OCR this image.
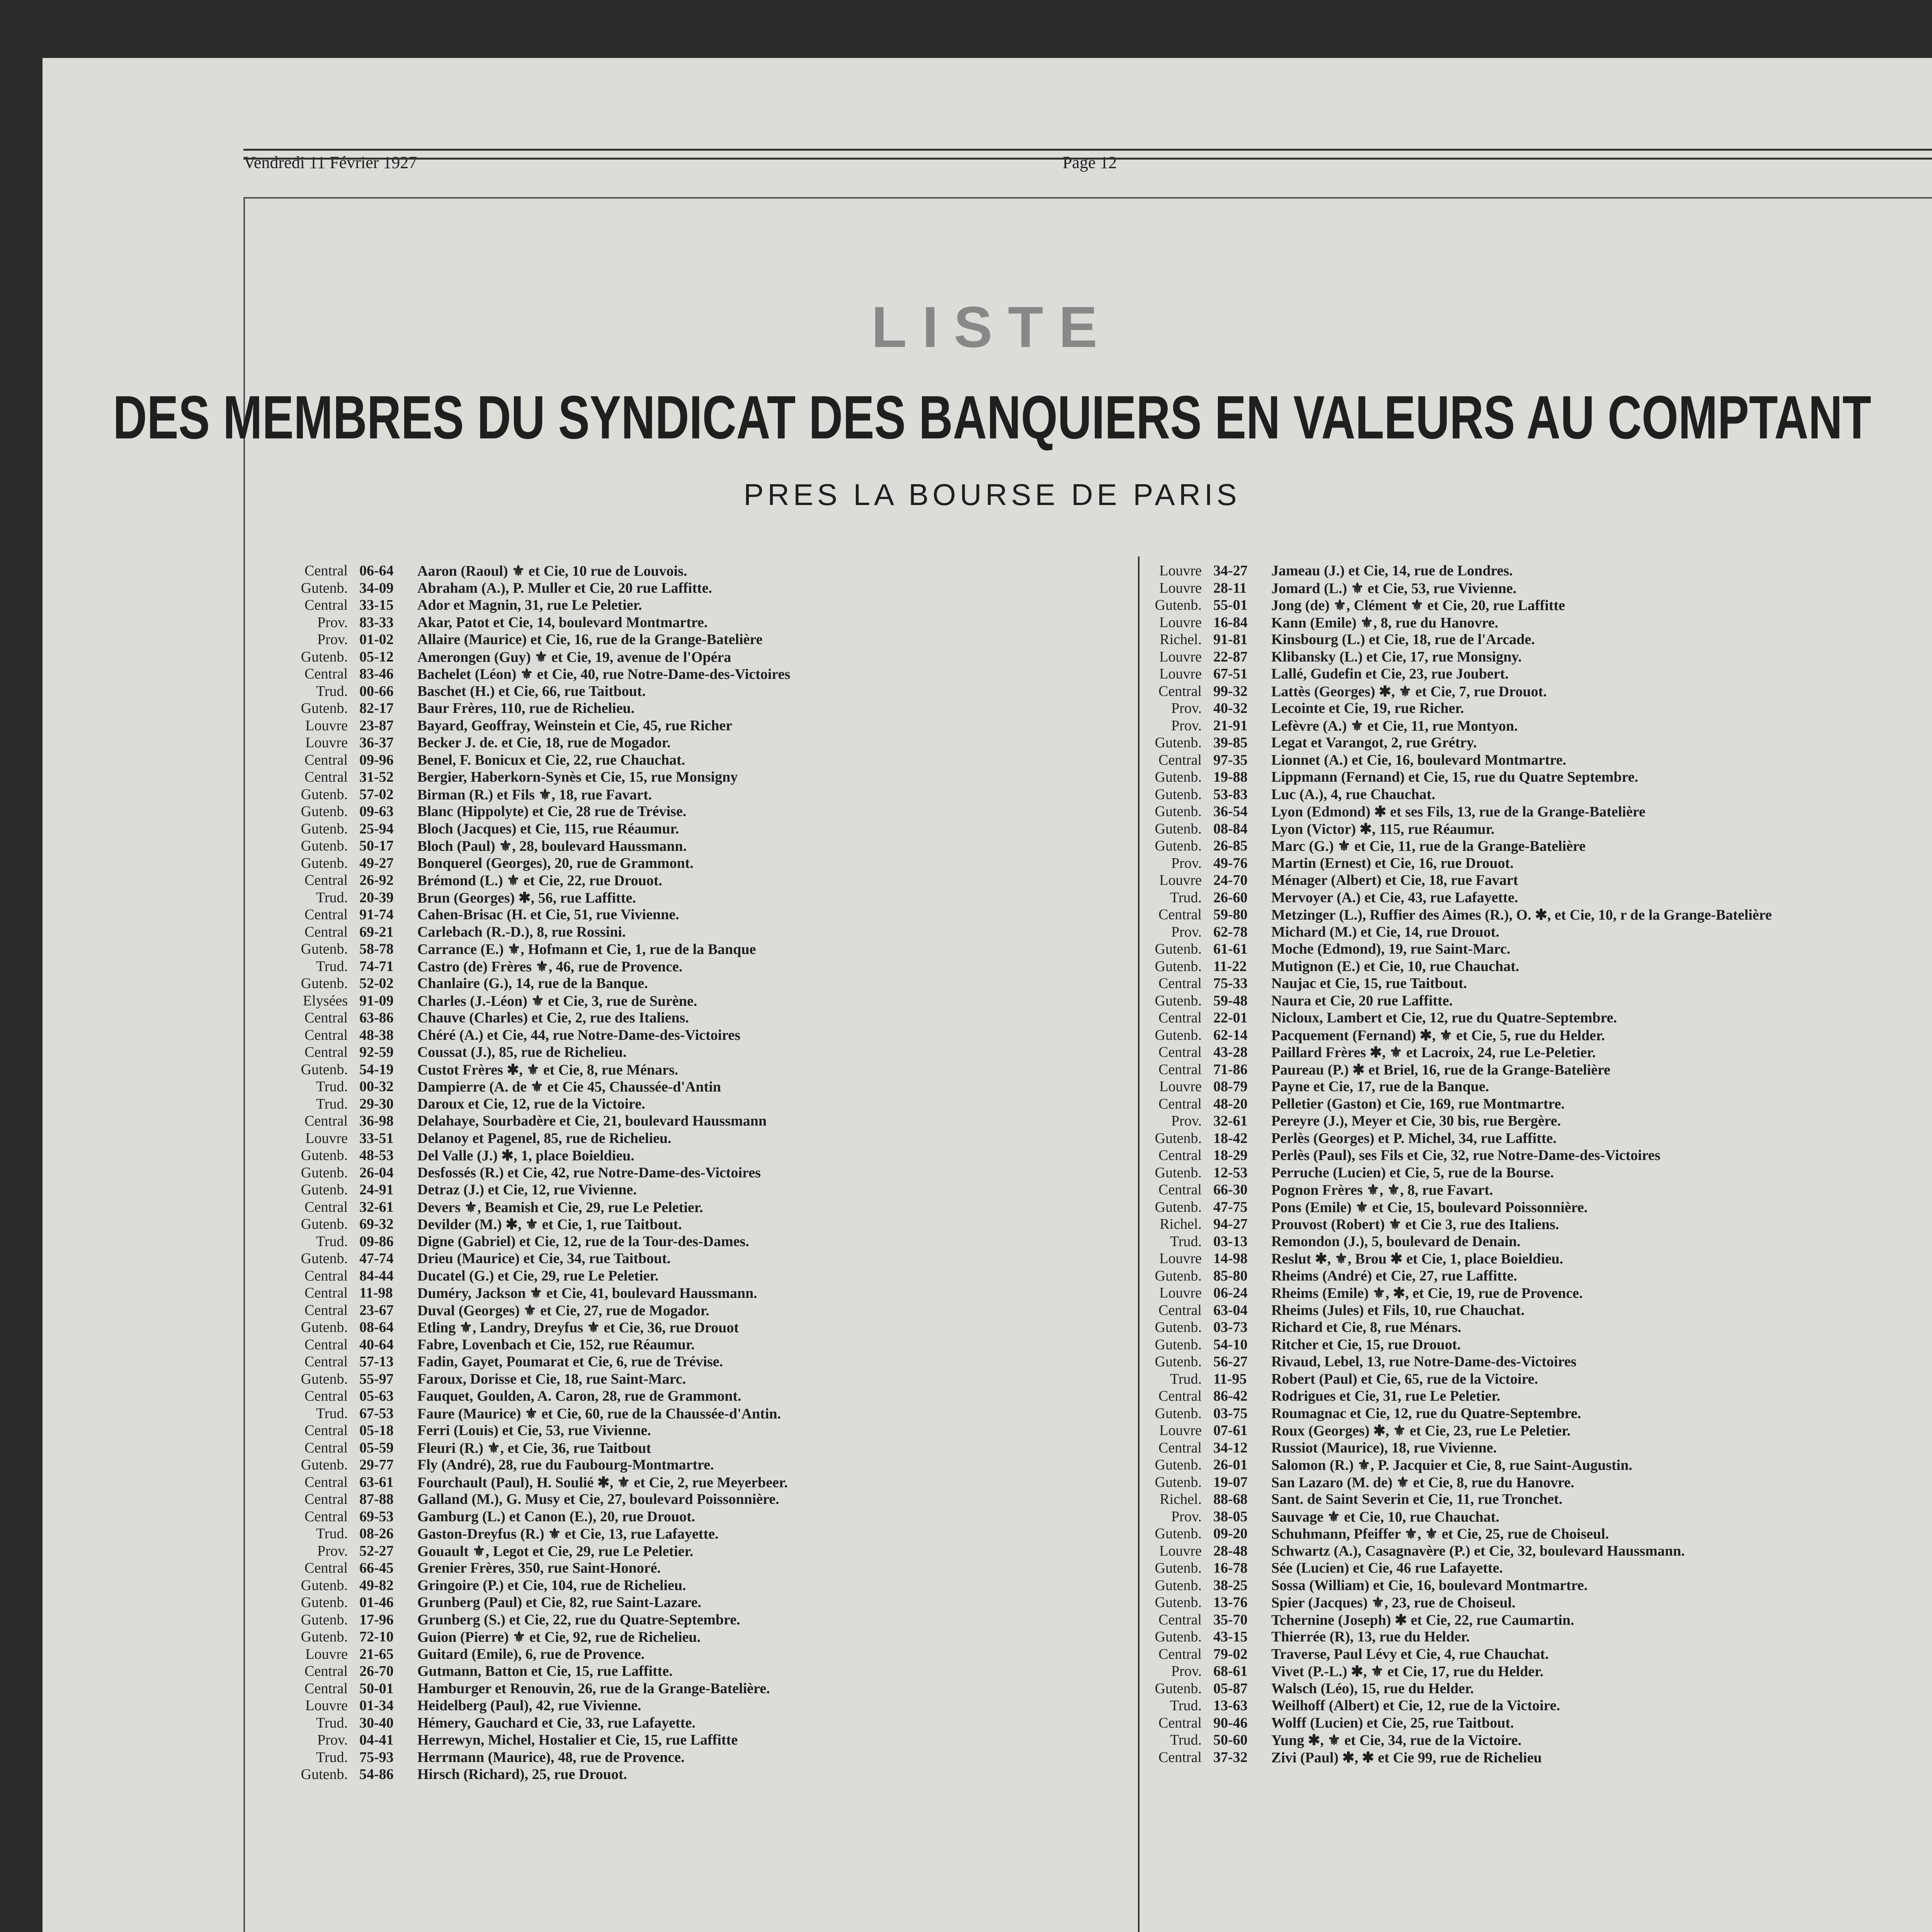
Vendredi 11 Février 1927	Page 12
LISTE
DES MEMBRES DU SYNDICAT DES BANQUIERS EN VALEURS AU COMPTANT
PRES LA BOURSE DE PARIS
Central 06-64	Aaron (Raoul) ⚜ et Cie, 10 rue de Louvois.
Gutenb. 34-09	Abraham (A.), P. Muller et Cie, 20 rue Laffitte.
Central 33-15	Ador et Magnin, 31, rue Le Peletier.
Prov. 83-33	Akar, Patot et Cie, 14, boulevard Montmartre.
Prov. 01-02	Allaire (Maurice) et Cie, 16, rue de la Grange-Batelière
Gutenb. 05-12	Amerongen (Guy) ⚜ et Cie, 19, avenue de l'Opéra
Central 83-46	Bachelet (Léon) ⚜ et Cie, 40, rue Notre-Dame-des-Victoires
Trud. 00-66	Baschet (H.) et Cie, 66, rue Taitbout.
Gutenb. 82-17	Baur Frères, 110, rue de Richelieu.
Louvre 23-87	Bayard, Geoffray, Weinstein et Cie, 45, rue Richer
Louvre 36-37	Becker J. de. et Cie, 18, rue de Mogador.
Central 09-96	Benel, F. Bonicux et Cie, 22, rue Chauchat.
Central 31-52	Bergier, Haberkorn-Synès et Cie, 15, rue Monsigny
Gutenb. 57-02	Birman (R.) et Fils ⚜, 18, rue Favart.
Gutenb. 09-63	Blanc (Hippolyte) et Cie, 28 rue de Trévise.
Gutenb. 25-94	Bloch (Jacques) et Cie, 115, rue Réaumur.
Gutenb. 50-17	Bloch (Paul) ⚜, 28, boulevard Haussmann.
Gutenb. 49-27	Bonquerel (Georges), 20, rue de Grammont.
Central 26-92	Brémond (L.) ⚜ et Cie, 22, rue Drouot.
Trud. 20-39	Brun (Georges) ✱, 56, rue Laffitte.
Central 91-74	Cahen-Brisac (H. et Cie, 51, rue Vivienne.
Central 69-21	Carlebach (R.-D.), 8, rue Rossini.
Gutenb. 58-78	Carrance (E.) ⚜, Hofmann et Cie, 1, rue de la Banque
Trud. 74-71	Castro (de) Frères ⚜, 46, rue de Provence.
Gutenb. 52-02	Chanlaire (G.), 14, rue de la Banque.
Elysées 91-09	Charles (J.-Léon) ⚜ et Cie, 3, rue de Surène.
Central 63-86	Chauve (Charles) et Cie, 2, rue des Italiens.
Central 48-38	Chéré (A.) et Cie, 44, rue Notre-Dame-des-Victoires
Central 92-59	Coussat (J.), 85, rue de Richelieu.
Gutenb. 54-19	Custot Frères ✱, ⚜ et Cie, 8, rue Ménars.
Trud. 00-32	Dampierre (A. de ⚜ et Cie 45, Chaussée-d'Antin
Trud. 29-30	Daroux et Cie, 12, rue de la Victoire.
Central 36-98	Delahaye, Sourbadère et Cie, 21, boulevard Haussmann
Louvre 33-51	Delanoy et Pagenel, 85, rue de Richelieu.
Gutenb. 48-53	Del Valle (J.) ✱, 1, place Boieldieu.
Gutenb. 26-04	Desfossés (R.) et Cie, 42, rue Notre-Dame-des-Victoires
Gutenb. 24-91	Detraz (J.) et Cie, 12, rue Vivienne.
Central 32-61	Devers ⚜, Beamish et Cie, 29, rue Le Peletier.
Gutenb. 69-32	Devilder (M.) ✱, ⚜ et Cie, 1, rue Taitbout.
Trud. 09-86	Digne (Gabriel) et Cie, 12, rue de la Tour-des-Dames.
Gutenb. 47-74	Drieu (Maurice) et Cie, 34, rue Taitbout.
Central 84-44	Ducatel (G.) et Cie, 29, rue Le Peletier.
Central 11-98	Duméry, Jackson ⚜ et Cie, 41, boulevard Haussmann.
Central 23-67	Duval (Georges) ⚜ et Cie, 27, rue de Mogador.
Gutenb. 08-64	Etling ⚜, Landry, Dreyfus ⚜ et Cie, 36, rue Drouot
Central 40-64	Fabre, Lovenbach et Cie, 152, rue Réaumur.
Central 57-13	Fadin, Gayet, Poumarat et Cie, 6, rue de Trévise.
Gutenb. 55-97	Faroux, Dorisse et Cie, 18, rue Saint-Marc.
Central 05-63	Fauquet, Goulden, A. Caron, 28, rue de Grammont.
Trud. 67-53	Faure (Maurice) ⚜ et Cie, 60, rue de la Chaussée-d'Antin.
Central 05-18	Ferri (Louis) et Cie, 53, rue Vivienne.
Central 05-59	Fleuri (R.) ⚜, et Cie, 36, rue Taitbout
Gutenb. 29-77	Fly (André), 28, rue du Faubourg-Montmartre.
Central 63-61	Fourchault (Paul), H. Soulié ✱, ⚜ et Cie, 2, rue Meyerbeer.
Central 87-88	Galland (M.), G. Musy et Cie, 27, boulevard Poissonnière.
Central 69-53	Gamburg (L.) et Canon (E.), 20, rue Drouot.
Trud. 08-26	Gaston-Dreyfus (R.) ⚜ et Cie, 13, rue Lafayette.
Prov. 52-27	Gouault ⚜, Legot et Cie, 29, rue Le Peletier.
Central 66-45	Grenier Frères, 350, rue Saint-Honoré.
Gutenb. 49-82	Gringoire (P.) et Cie, 104, rue de Richelieu.
Gutenb. 01-46	Grunberg (Paul) et Cie, 82, rue Saint-Lazare.
Gutenb. 17-96	Grunberg (S.) et Cie, 22, rue du Quatre-Septembre.
Gutenb. 72-10	Guion (Pierre) ⚜ et Cie, 92, rue de Richelieu.
Louvre 21-65	Guitard (Emile), 6, rue de Provence.
Central 26-70	Gutmann, Batton et Cie, 15, rue Laffitte.
Central 50-01	Hamburger et Renouvin, 26, rue de la Grange-Batelière.
Louvre 01-34	Heidelberg (Paul), 42, rue Vivienne.
Trud. 30-40	Hémery, Gauchard et Cie, 33, rue Lafayette.
Prov. 04-41	Herrewyn, Michel, Hostalier et Cie, 15, rue Laffitte
Trud. 75-93	Herrmann (Maurice), 48, rue de Provence.
Gutenb. 54-86	Hirsch (Richard), 25, rue Drouot.
Louvre 34-27	Jameau (J.) et Cie, 14, rue de Londres.
Louvre 28-11	Jomard (L.) ⚜ et Cie, 53, rue Vivienne.
Gutenb. 55-01	Jong (de) ⚜, Clément ⚜ et Cie, 20, rue Laffitte
Louvre 16-84	Kann (Emile) ⚜, 8, rue du Hanovre.
Richel. 91-81	Kinsbourg (L.) et Cie, 18, rue de l'Arcade.
Louvre 22-87	Klibansky (L.) et Cie, 17, rue Monsigny.
Louvre 67-51	Lallé, Gudefin et Cie, 23, rue Joubert.
Central 99-32	Lattès (Georges) ✱, ⚜ et Cie, 7, rue Drouot.
Prov. 40-32	Lecointe et Cie, 19, rue Richer.
Prov. 21-91	Lefèvre (A.) ⚜ et Cie, 11, rue Montyon.
Gutenb. 39-85	Legat et Varangot, 2, rue Grétry.
Central 97-35	Lionnet (A.) et Cie, 16, boulevard Montmartre.
Gutenb. 19-88	Lippmann (Fernand) et Cie, 15, rue du Quatre Septembre.
Gutenb. 53-83	Luc (A.), 4, rue Chauchat.
Gutenb. 36-54	Lyon (Edmond) ✱ et ses Fils, 13, rue de la Grange-Batelière
Gutenb. 08-84	Lyon (Victor) ✱, 115, rue Réaumur.
Gutenb. 26-85	Marc (G.) ⚜ et Cie, 11, rue de la Grange-Batelière
Prov. 49-76	Martin (Ernest) et Cie, 16, rue Drouot.
Louvre 24-70	Ménager (Albert) et Cie, 18, rue Favart
Trud. 26-60	Mervoyer (A.) et Cie, 43, rue Lafayette.
Central 59-80	Metzinger (L.), Ruffier des Aimes (R.), O. ✱, et Cie, 10, r de la Grange-Batelière
Prov. 62-78	Michard (M.) et Cie, 14, rue Drouot.
Gutenb. 61-61	Moche (Edmond), 19, rue Saint-Marc.
Gutenb. 11-22	Mutignon (E.) et Cie, 10, rue Chauchat.
Central 75-33	Naujac et Cie, 15, rue Taitbout.
Gutenb. 59-48	Naura et Cie, 20 rue Laffitte.
Central 22-01	Nicloux, Lambert et Cie, 12, rue du Quatre-Septembre.
Gutenb. 62-14	Pacquement (Fernand) ✱, ⚜ et Cie, 5, rue du Helder.
Central 43-28	Paillard Frères ✱, ⚜ et Lacroix, 24, rue Le-Peletier.
Central 71-86	Paureau (P.) ✱ et Briel, 16, rue de la Grange-Batelière
Louvre 08-79	Payne et Cie, 17, rue de la Banque.
Central 48-20	Pelletier (Gaston) et Cie, 169, rue Montmartre.
Prov. 32-61	Pereyre (J.), Meyer et Cie, 30 bis, rue Bergère.
Gutenb. 18-42	Perlès (Georges) et P. Michel, 34, rue Laffitte.
Central 18-29	Perlès (Paul), ses Fils et Cie, 32, rue Notre-Dame-des-Victoires
Gutenb. 12-53	Perruche (Lucien) et Cie, 5, rue de la Bourse.
Central 66-30	Pognon Frères ⚜, ⚜, 8, rue Favart.
Gutenb. 47-75	Pons (Emile) ⚜ et Cie, 15, boulevard Poissonnière.
Richel. 94-27	Prouvost (Robert) ⚜ et Cie 3, rue des Italiens.
Trud. 03-13	Remondon (J.), 5, boulevard de Denain.
Louvre 14-98	Reslut ✱, ⚜, Brou ✱ et Cie, 1, place Boieldieu.
Gutenb. 85-80	Rheims (André) et Cie, 27, rue Laffitte.
Louvre 06-24	Rheims (Emile) ⚜, ✱, et Cie, 19, rue de Provence.
Central 63-04	Rheims (Jules) et Fils, 10, rue Chauchat.
Gutenb. 03-73	Richard et Cie, 8, rue Ménars.
Gutenb. 54-10	Ritcher et Cie, 15, rue Drouot.
Gutenb. 56-27	Rivaud, Lebel, 13, rue Notre-Dame-des-Victoires
Trud. 11-95	Robert (Paul) et Cie, 65, rue de la Victoire.
Central 86-42	Rodrigues et Cie, 31, rue Le Peletier.
Gutenb. 03-75	Roumagnac et Cie, 12, rue du Quatre-Septembre.
Louvre 07-61	Roux (Georges) ✱, ⚜ et Cie, 23, rue Le Peletier.
Central 34-12	Russiot (Maurice), 18, rue Vivienne.
Gutenb. 26-01	Salomon (R.) ⚜, P. Jacquier et Cie, 8, rue Saint-Augustin.
Gutenb. 19-07	San Lazaro (M. de) ⚜ et Cie, 8, rue du Hanovre.
Richel. 88-68	Sant. de Saint Severin et Cie, 11, rue Tronchet.
Prov. 38-05	Sauvage ⚜ et Cie, 10, rue Chauchat.
Gutenb. 09-20	Schuhmann, Pfeiffer ⚜, ⚜ et Cie, 25, rue de Choiseul.
Louvre 28-48	Schwartz (A.), Casagnavère (P.) et Cie, 32, boulevard Haussmann.
Gutenb. 16-78	Sée (Lucien) et Cie, 46 rue Lafayette.
Gutenb. 38-25	Sossa (William) et Cie, 16, boulevard Montmartre.
Gutenb. 13-76	Spier (Jacques) ⚜, 23, rue de Choiseul.
Central 35-70	Tchernine (Joseph) ✱ et Cie, 22, rue Caumartin.
Gutenb. 43-15	Thierrée (R), 13, rue du Helder.
Central 79-02	Traverse, Paul Lévy et Cie, 4, rue Chauchat.
Prov. 68-61	Vivet (P.-L.) ✱, ⚜ et Cie, 17, rue du Helder.
Gutenb. 05-87	Walsch (Léo), 15, rue du Helder.
Trud. 13-63	Weilhoff (Albert) et Cie, 12, rue de la Victoire.
Central 90-46	Wolff (Lucien) et Cie, 25, rue Taitbout.
Trud. 50-60	Yung ✱, ⚜ et Cie, 34, rue de la Victoire.
Central 37-32	Zivi (Paul) ✱, ✱ et Cie 99, rue de Richelieu
